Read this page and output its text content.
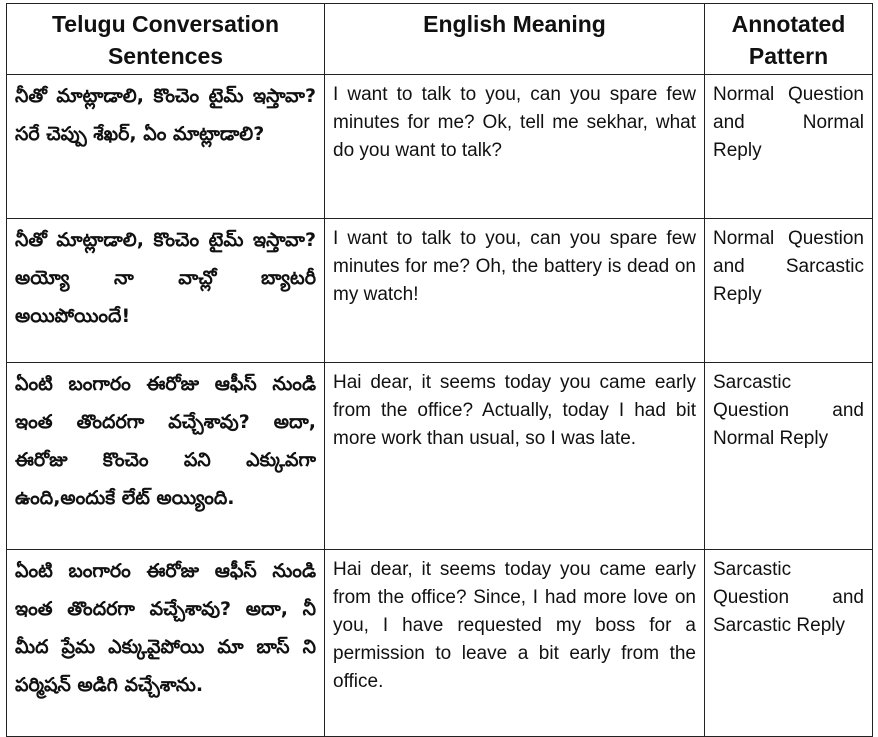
Telugu Conversation Sentences	English Meaning	Annotated Pattern
నీతో మాట్లాడాలి, కొంచెం టైమ్ ఇస్తావా? సరే చెప్పు శేఖర్, ఏం మాట్లాడాలి?	I want to talk to you, can you spare few minutes for me? Ok, tell me sekhar, what do you want to talk?	Normal Question and Normal Reply
నీతో మాట్లాడాలి, కొంచెం టైమ్ ఇస్తావా? అయ్యో నా వాచ్లో బ్యాటరీ అయిపోయిందే!	I want to talk to you, can you spare few minutes for me? Oh, the battery is dead on my watch!	Normal Question and Sarcastic Reply
ఏంటి బంగారం ఈరోజు ఆఫీస్ నుండి ఇంత తొందరగా వచ్చేశావు? అదా, ఈరోజు కొంచెం పని ఎక్కువగా ఉంది,అందుకే లేట్ అయ్యింది.	Hai dear, it seems today you came early from the office? Actually, today I had bit more work than usual, so I was late.	Sarcastic Question and Normal Reply
ఏంటి బంగారం ఈరోజు ఆఫీస్ నుండి ఇంత తొందరగా వచ్చేశావు? అదా, నీ మీద ప్రేమ ఎక్కువైపోయి మా బాస్ ని పర్మిషన్ అడిగి వచ్చేశాను.	Hai dear, it seems today you came early from the office? Since, I had more love on you, I have requested my boss for a permission to leave a bit early from the office.	Sarcastic Question and Sarcastic Reply
